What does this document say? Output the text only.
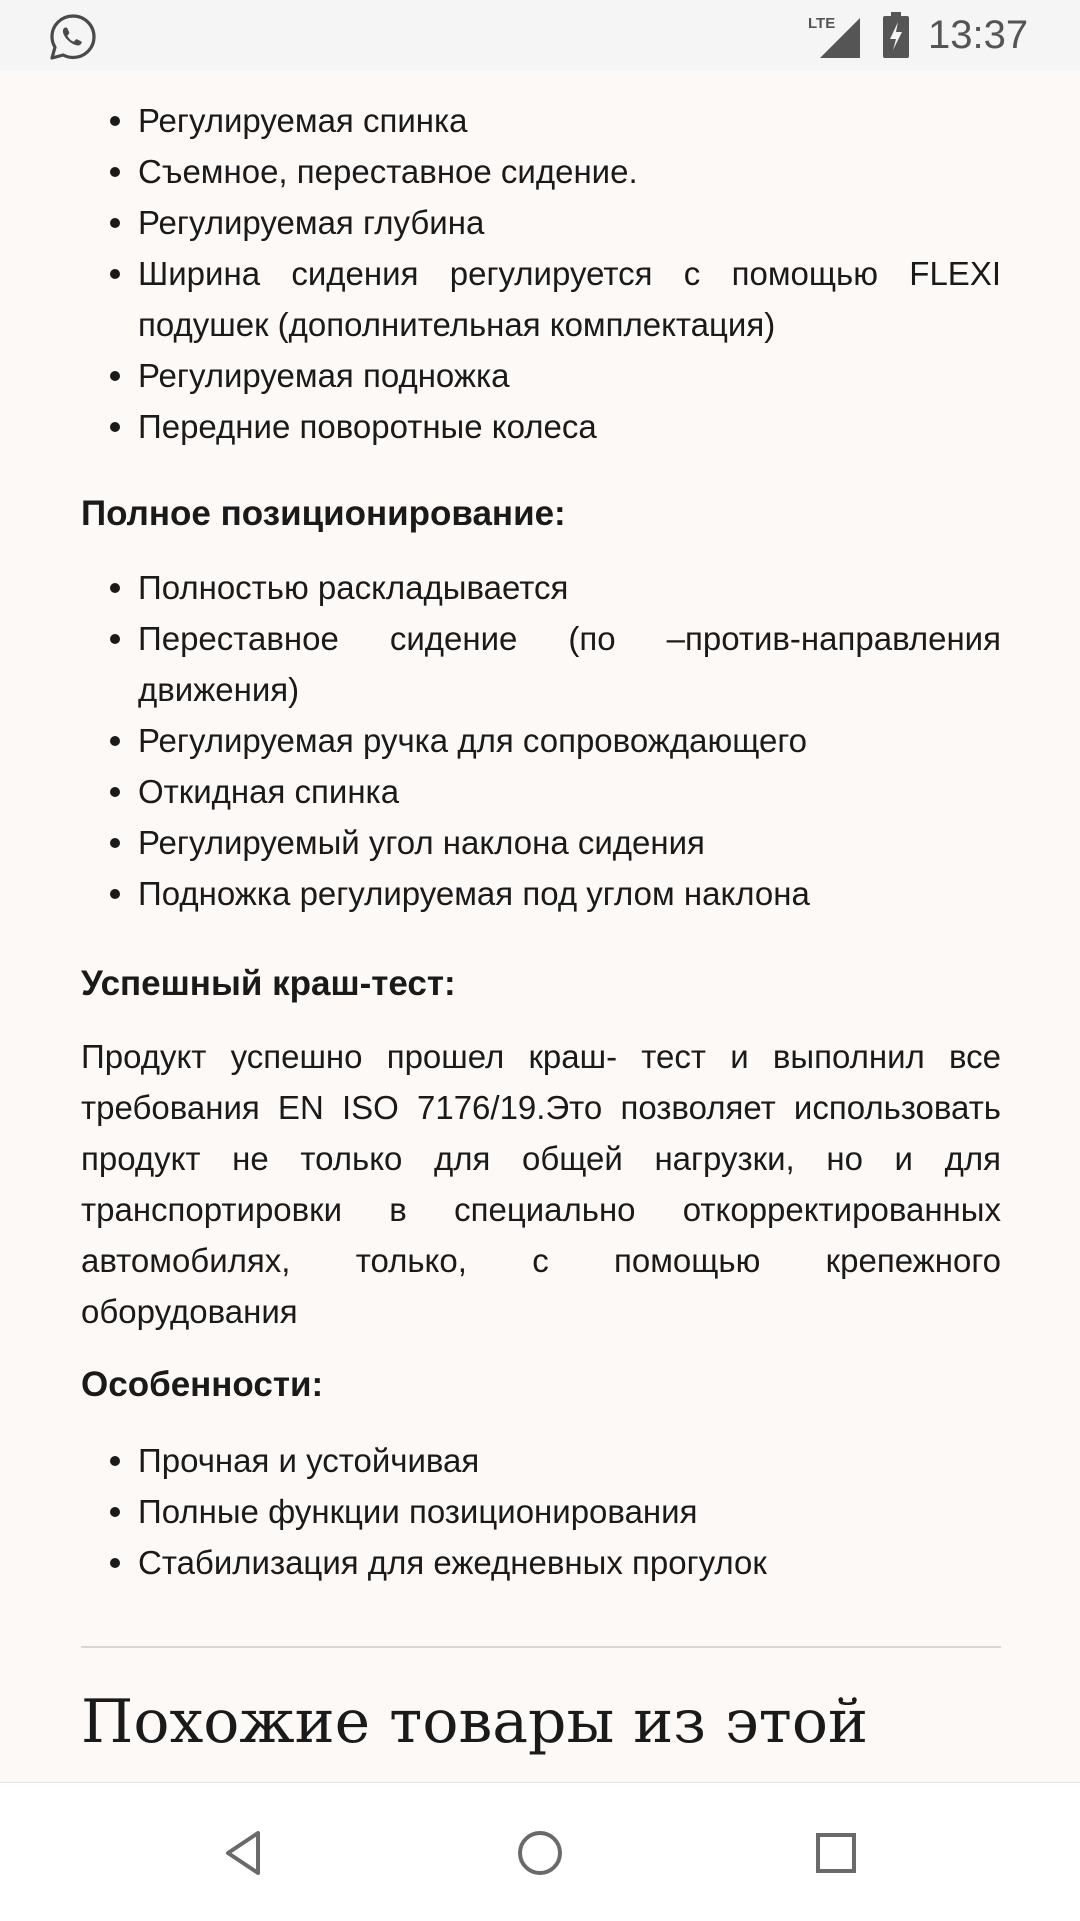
LTE 13:37
Регулируемая спинка
Съемное, переставное сидение.
Регулируемая глубина
Ширина сидения регулируется с помощью FLEXI подушек (дополнительная комплектация)
Регулируемая подножка
Передние поворотные колеса
Полное позиционирование:
Полностью раскладывается
Переставное сидение (по –против-направления движения)
Регулируемая ручка для сопровождающего
Откидная спинка
Регулируемый угол наклона сидения
Подножка регулируемая под углом наклона
Успешный краш-тест:

Продукт успешно прошел краш- тест и выполнил все требования EN ISO 7176/19.Это позволяет использовать продукт не только для общей нагрузки, но и для транспортировки в специально откорректированных автомобилях, только, с помощью крепежного оборудования

Особенности:
Прочная и устойчивая
Полные функции позиционирования
Стабилизация для ежедневных прогулок
Похожие товары из этой
